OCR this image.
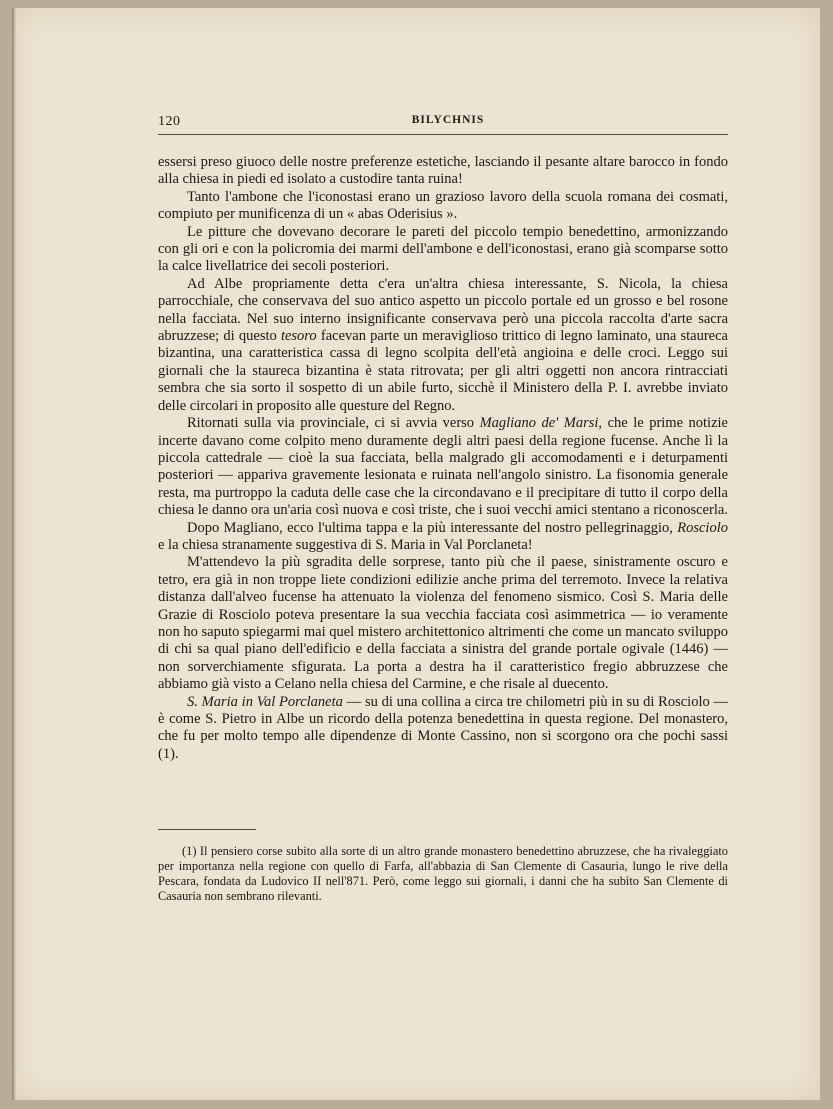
120	BILYCHNIS

essersi preso giuoco delle nostre preferenze estetiche, lasciando il pesante altare barocco in fondo alla chiesa in piedi ed isolato a custodire tanta ruina!

Tanto l'ambone che l'iconostasi erano un grazioso lavoro della scuola romana dei cosmati, compiuto per munificenza di un « abas Oderisius ».

Le pitture che dovevano decorare le pareti del piccolo tempio benedettino, armonizzando con gli ori e con la policromia dei marmi dell'ambone e dell'iconostasi, erano già scomparse sotto la calce livellatrice dei secoli posteriori.

Ad Albe propriamente detta c'era un'altra chiesa interessante, S. Nicola, la chiesa parrocchiale, che conservava del suo antico aspetto un piccolo portale ed un grosso e bel rosone nella facciata. Nel suo interno insignificante conservava però una piccola raccolta d'arte sacra abruzzese; di questo tesoro facevan parte un meraviglioso trittico di legno laminato, una staureca bizantina, una caratteristica cassa di legno scolpita dell'età angioina e delle croci. Leggo sui giornali che la staureca bizantina è stata ritrovata; per gli altri oggetti non ancora rintracciati sembra che sia sorto il sospetto di un abile furto, sicchè il Ministero della P. I. avrebbe inviato delle circolari in proposito alle questure del Regno.

Ritornati sulla via provinciale, ci si avvia verso Magliano de' Marsi, che le prime notizie incerte davano come colpito meno duramente degli altri paesi della regione fucense. Anche lì la piccola cattedrale — cioè la sua facciata, bella malgrado gli accomodamenti e i deturpamenti posteriori — appariva gravemente lesionata e ruinata nell'angolo sinistro. La fisonomia generale resta, ma purtroppo la caduta delle case che la circondavano e il precipitare di tutto il corpo della chiesa le danno ora un'aria così nuova e così triste, che i suoi vecchi amici stentano a riconoscerla.

Dopo Magliano, ecco l'ultima tappa e la più interessante del nostro pellegrinaggio, Rosciolo e la chiesa stranamente suggestiva di S. Maria in Val Porclaneta!

M'attendevo la più sgradita delle sorprese, tanto più che il paese, sinistramente oscuro e tetro, era già in non troppe liete condizioni edilizie anche prima del terremoto. Invece la relativa distanza dall'alveo fucense ha attenuato la violenza del fenomeno sismico. Così S. Maria delle Grazie di Rosciolo poteva presentare la sua vecchia facciata così asimmetrica — io veramente non ho saputo spiegarmi mai quel mistero architettonico altrimenti che come un mancato sviluppo di chi sa qual piano dell'edificio e della facciata a sinistra del grande portale ogivale (1446) — non sorverchiamente sfigurata. La porta a destra ha il caratteristico fregio abbruzzese che abbiamo già visto a Celano nella chiesa del Carmine, e che risale al duecento.

S. Maria in Val Porclaneta — su di una collina a circa tre chilometri più in su di Rosciolo — è come S. Pietro in Albe un ricordo della potenza benedettina in questa regione. Del monastero, che fu per molto tempo alle dipendenze di Monte Cassino, non si scorgono ora che pochi sassi (1).

(1) Il pensiero corse subito alla sorte di un altro grande monastero benedettino abruzzese, che ha rivaleggiato per importanza nella regione con quello di Farfa, all'abbazia di San Clemente di Casauria, lungo le rive della Pescara, fondata da Ludovico II nell'871. Però, come leggo sui giornali, i danni che ha subìto San Clemente di Casauria non sembrano rilevanti.
